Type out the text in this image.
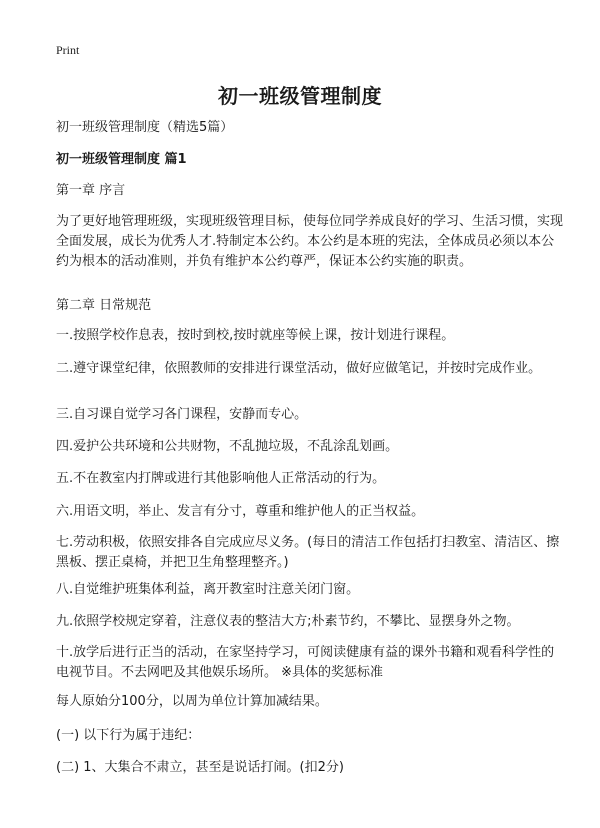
Print
初一班级管理制度

初一班级管理制度（精选5篇）

初一班级管理制度 篇1

第一章 序言

为了更好地管理班级，实现班级管理目标，使每位同学养成良好的学习、生活习惯，实现全面发展，成长为优秀人才.特制定本公约。本公约是本班的宪法，全体成员必须以本公约为根本的活动准则，并负有维护本公约尊严，保证本公约实施的职责。

第二章 日常规范

一.按照学校作息表，按时到校,按时就座等候上课，按计划进行课程。

二.遵守课堂纪律，依照教师的安排进行课堂活动，做好应做笔记，并按时完成作业。

三.自习课自觉学习各门课程，安静而专心。

四.爱护公共环境和公共财物，不乱抛垃圾，不乱涂乱划画。

五.不在教室内打牌或进行其他影响他人正常活动的行为。

六.用语文明，举止、发言有分寸，尊重和维护他人的正当权益。

七.劳动积极，依照安排各自完成应尽义务。(每日的清洁工作包括打扫教室、清洁区、擦黑板、摆正桌椅，并把卫生角整理整齐。)

八.自觉维护班集体利益，离开教室时注意关闭门窗。

九.依照学校规定穿着，注意仪表的整洁大方;朴素节约，不攀比、显摆身外之物。

十.放学后进行正当的活动，在家坚持学习，可阅读健康有益的课外书籍和观看科学性的电视节目。不去网吧及其他娱乐场所。 ※具体的奖惩标准

每人原始分100分，以周为单位计算加减结果。

(一) 以下行为属于违纪：

(二) 1、大集合不肃立，甚至是说话打闹。(扣2分)
